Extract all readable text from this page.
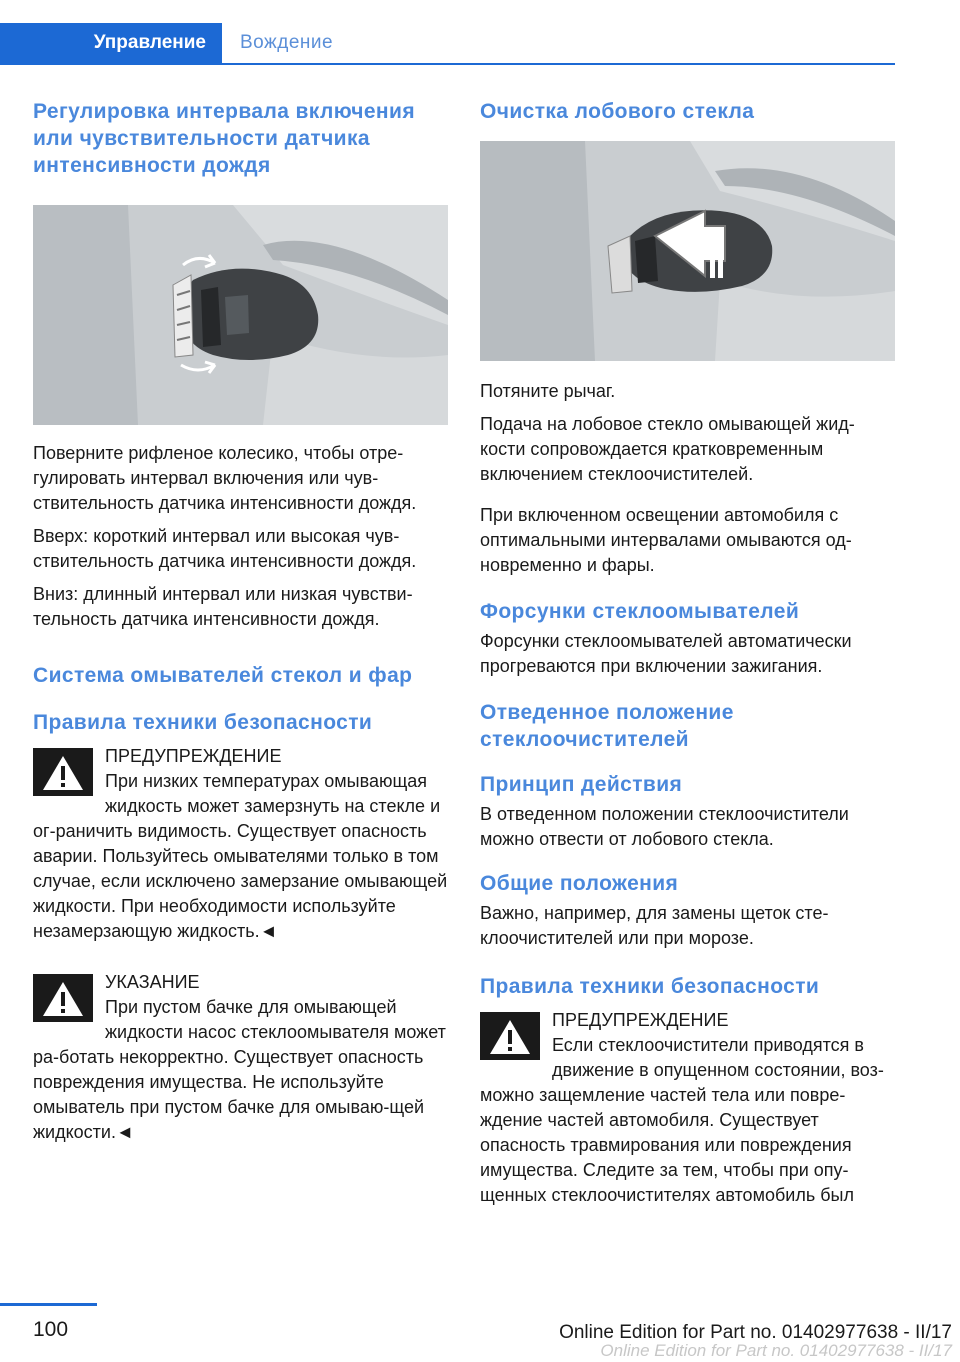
Управление	Вождение
Регулировка интервала включения или чувствительности датчика интенсивности дождя

Поверните рифленое колесико, чтобы отре-гулировать интервал включения или чув-ствительность датчика интенсивности дождя.

Вверх: короткий интервал или высокая чув-ствительность датчика интенсивности дождя.

Вниз: длинный интервал или низкая чувстви-тельность датчика интенсивности дождя.

Система омывателей стекол и фар
Правила техники безопасности
ПРЕДУПРЕЖДЕНИЕ

При низких температурах омывающая жидкость может замерзнуть на стекле и ог-раничить видимость. Существует опасность аварии. Пользуйтесь омывателями только в том случае, если исключено замерзание омывающей жидкости. При необходимости используйте незамерзающую жидкость.◄

УКАЗАНИЕ

При пустом бачке для омывающей жидкости насос стеклоомывателя может ра-ботать некорректно. Существует опасность повреждения имущества. Не используйте омыватель при пустом бачке для омываю-щей жидкости.◄

Очистка лобового стекла

Потяните рычаг.

Подача на лобовое стекло омывающей жид-кости сопровождается кратковременным включением стеклоочистителей.

При включенном освещении автомобиля с оптимальными интервалами омываются од-новременно и фары.

Форсунки стеклоомывателей

Форсунки стеклоомывателей автоматически прогреваются при включении зажигания.

Отведенное положение стеклоочистителей
Принцип действия

В отведенном положении стеклоочистители можно отвести от лобового стекла.

Общие положения

Важно, например, для замены щеток сте-клоочистителей или при морозе.

Правила техники безопасности
ПРЕДУПРЕЖДЕНИЕ

Если стеклоочистители приводятся в движение в опущенном состоянии, воз-можно защемление частей тела или повре-ждение частей автомобиля. Существует опасность травмирования или повреждения имущества. Следите за тем, чтобы при опу-щенных стеклоочистителях автомобиль был

100	Online Edition for Part no. 01402977638 - II/17
Online Edition for Part no. 01402977638 - II/17
